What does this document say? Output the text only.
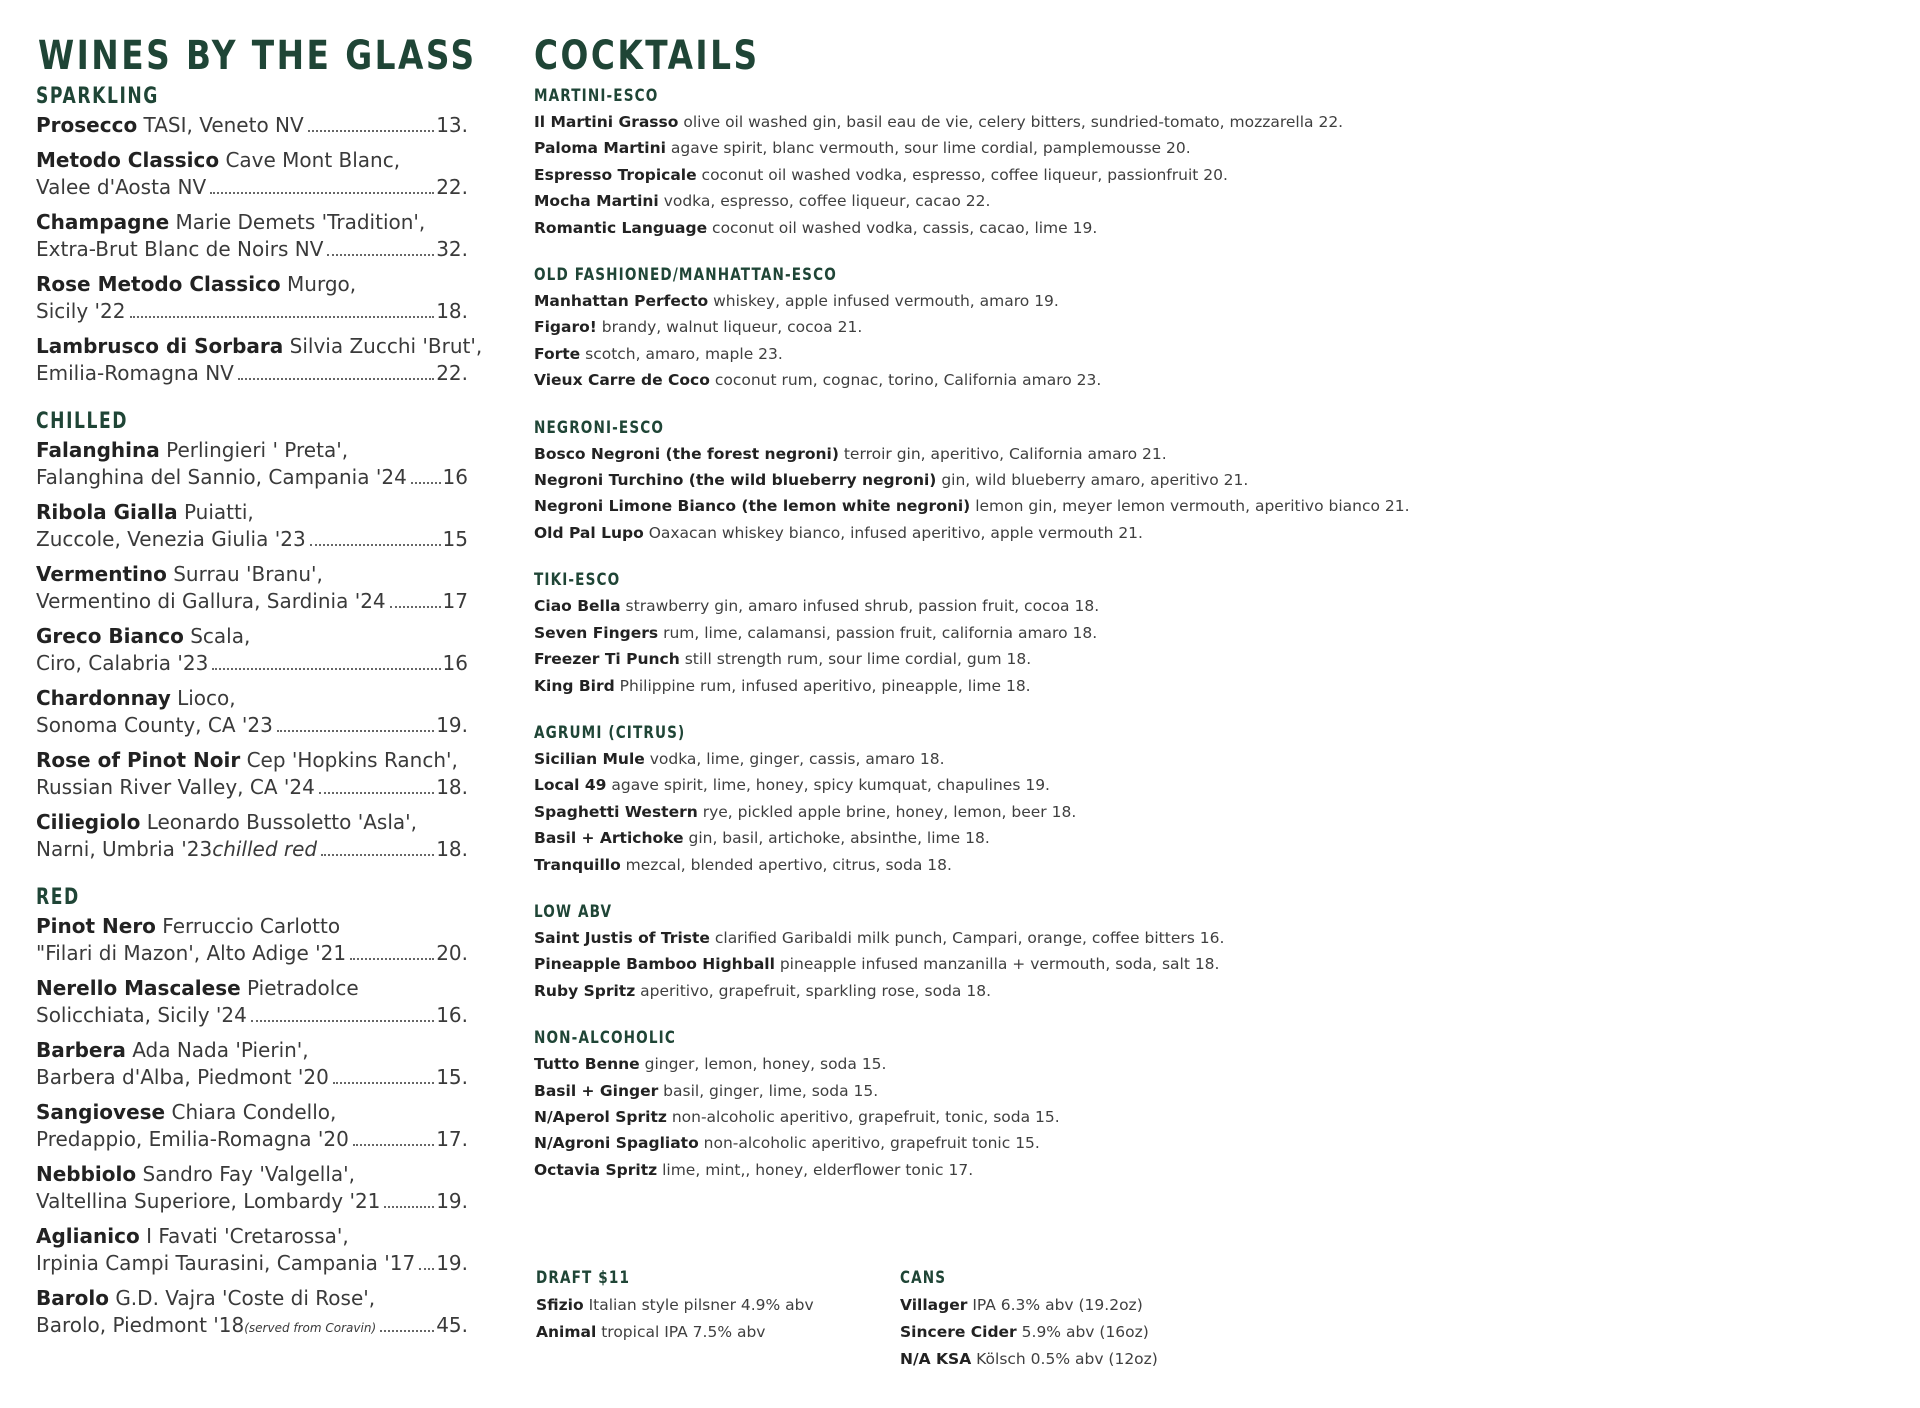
WINES BY THE GLASS COCKTAILS
SPARKLING
Prosecco
TASI, Veneto NV	13.
Metodo Classico
Cave Mont Blanc,
Valee d'Aosta NV	22.
Champagne
Marie Demets 'Tradition',
Extra-Brut Blanc de Noirs NV	32.
Rose Metodo Classico
Murgo,
Sicily '22	18.
Lambrusco di Sorbara
Silvia Zucchi 'Brut',
Emilia-Romagna NV	22.
CHILLED
Falanghina
Perlingieri ' Preta',
Falanghina del Sannio, Campania '24 16
Ribola Gialla
Puiatti,
Zuccole, Venezia Giulia '23	15
Vermentino
Surrau 'Branu',
Vermentino di Gallura, Sardinia '24	17
Greco Bianco
Scala,
Ciro, Calabria '23	16
Chardonnay
Lioco,
Sonoma County, CA '23	19.
Rose of Pinot Noir
Cep 'Hopkins Ranch',
Russian River Valley, CA '24	18.
Ciliegiolo
Leonardo Bussoletto 'Asla',
Narni, Umbria '23 chilled red	18.
RED
Pinot Nero
Ferruccio Carlotto
"Filari di Mazon', Alto Adige '21	20.
Nerello Mascalese
Pietradolce
Solicchiata, Sicily '24	16.
Barbera
Ada Nada 'Pierin',
Barbera d'Alba, Piedmont '20	15.
Sangiovese
Chiara Condello,
Predappio, Emilia-Romagna '20	17.
Nebbiolo
Sandro Fay 'Valgella',
Valtellina Superiore, Lombardy '21	19.
Aglianico
I Favati 'Cretarossa',
Irpinia Campi Taurasini, Campania '17 19.
Barolo
G.D. Vajra 'Coste di Rose',
Barolo, Piedmont '18 (served from Coravin)	45.
MARTINI-ESCO
Il Martini Grasso olive oil washed gin, basil eau de vie, celery bitters, sundried-tomato, mozzarella 22.
Paloma Martini agave spirit, blanc vermouth, sour lime cordial, pamplemousse 20.
Espresso Tropicale coconut oil washed vodka, espresso, coffee liqueur, passionfruit 20.
Mocha Martini vodka, espresso, coffee liqueur, cacao 22.
Romantic Language coconut oil washed vodka, cassis, cacao, lime 19.
OLD FASHIONED/MANHATTAN-ESCO
Manhattan Perfecto whiskey, apple infused vermouth, amaro 19.
Figaro! brandy, walnut liqueur, cocoa 21.
Forte scotch, amaro, maple 23.
Vieux Carre de Coco coconut rum, cognac, torino, California amaro 23.
NEGRONI-ESCO
Bosco Negroni (the forest negroni) terroir gin, aperitivo, California amaro 21.
Negroni Turchino (the wild blueberry negroni) gin, wild blueberry amaro, aperitivo 21.
Negroni Limone Bianco (the lemon white negroni) lemon gin, meyer lemon vermouth, aperitivo bianco 21.
Old Pal Lupo Oaxacan whiskey bianco, infused aperitivo, apple vermouth 21.
TIKI-ESCO
Ciao Bella strawberry gin, amaro infused shrub, passion fruit, cocoa 18.
Seven Fingers rum, lime, calamansi, passion fruit, california amaro 18.
Freezer Ti Punch still strength rum, sour lime cordial, gum 18.
King Bird Philippine rum, infused aperitivo, pineapple, lime 18.
AGRUMI (CITRUS)
Sicilian Mule vodka, lime, ginger, cassis, amaro 18.
Local 49 agave spirit, lime, honey, spicy kumquat, chapulines 19.
Spaghetti Western rye, pickled apple brine, honey, lemon, beer 18.
Basil + Artichoke gin, basil, artichoke, absinthe, lime 18.
Tranquillo mezcal, blended apertivo, citrus, soda 18.
LOW ABV
Saint Justis of Triste clarified Garibaldi milk punch, Campari, orange, coffee bitters 16.
Pineapple Bamboo Highball pineapple infused manzanilla + vermouth, soda, salt 18.
Ruby Spritz aperitivo, grapefruit, sparkling rose, soda 18.
NON-ALCOHOLIC
Tutto Benne ginger, lemon, honey, soda 15.
Basil + Ginger basil, ginger, lime, soda 15.
N/Aperol Spritz non-alcoholic aperitivo, grapefruit, tonic, soda 15.
N/Agroni Spagliato non-alcoholic aperitivo, grapefruit tonic 15.
Octavia Spritz lime, mint,, honey, elderflower tonic 17.
DRAFT $11
Sfizio Italian style pilsner 4.9% abv
Animal tropical IPA 7.5% abv
CANS
Villager IPA 6.3% abv (19.2oz)
Sincere Cider 5.9% abv (16oz)
N/A KSA Kölsch 0.5% abv (12oz)
